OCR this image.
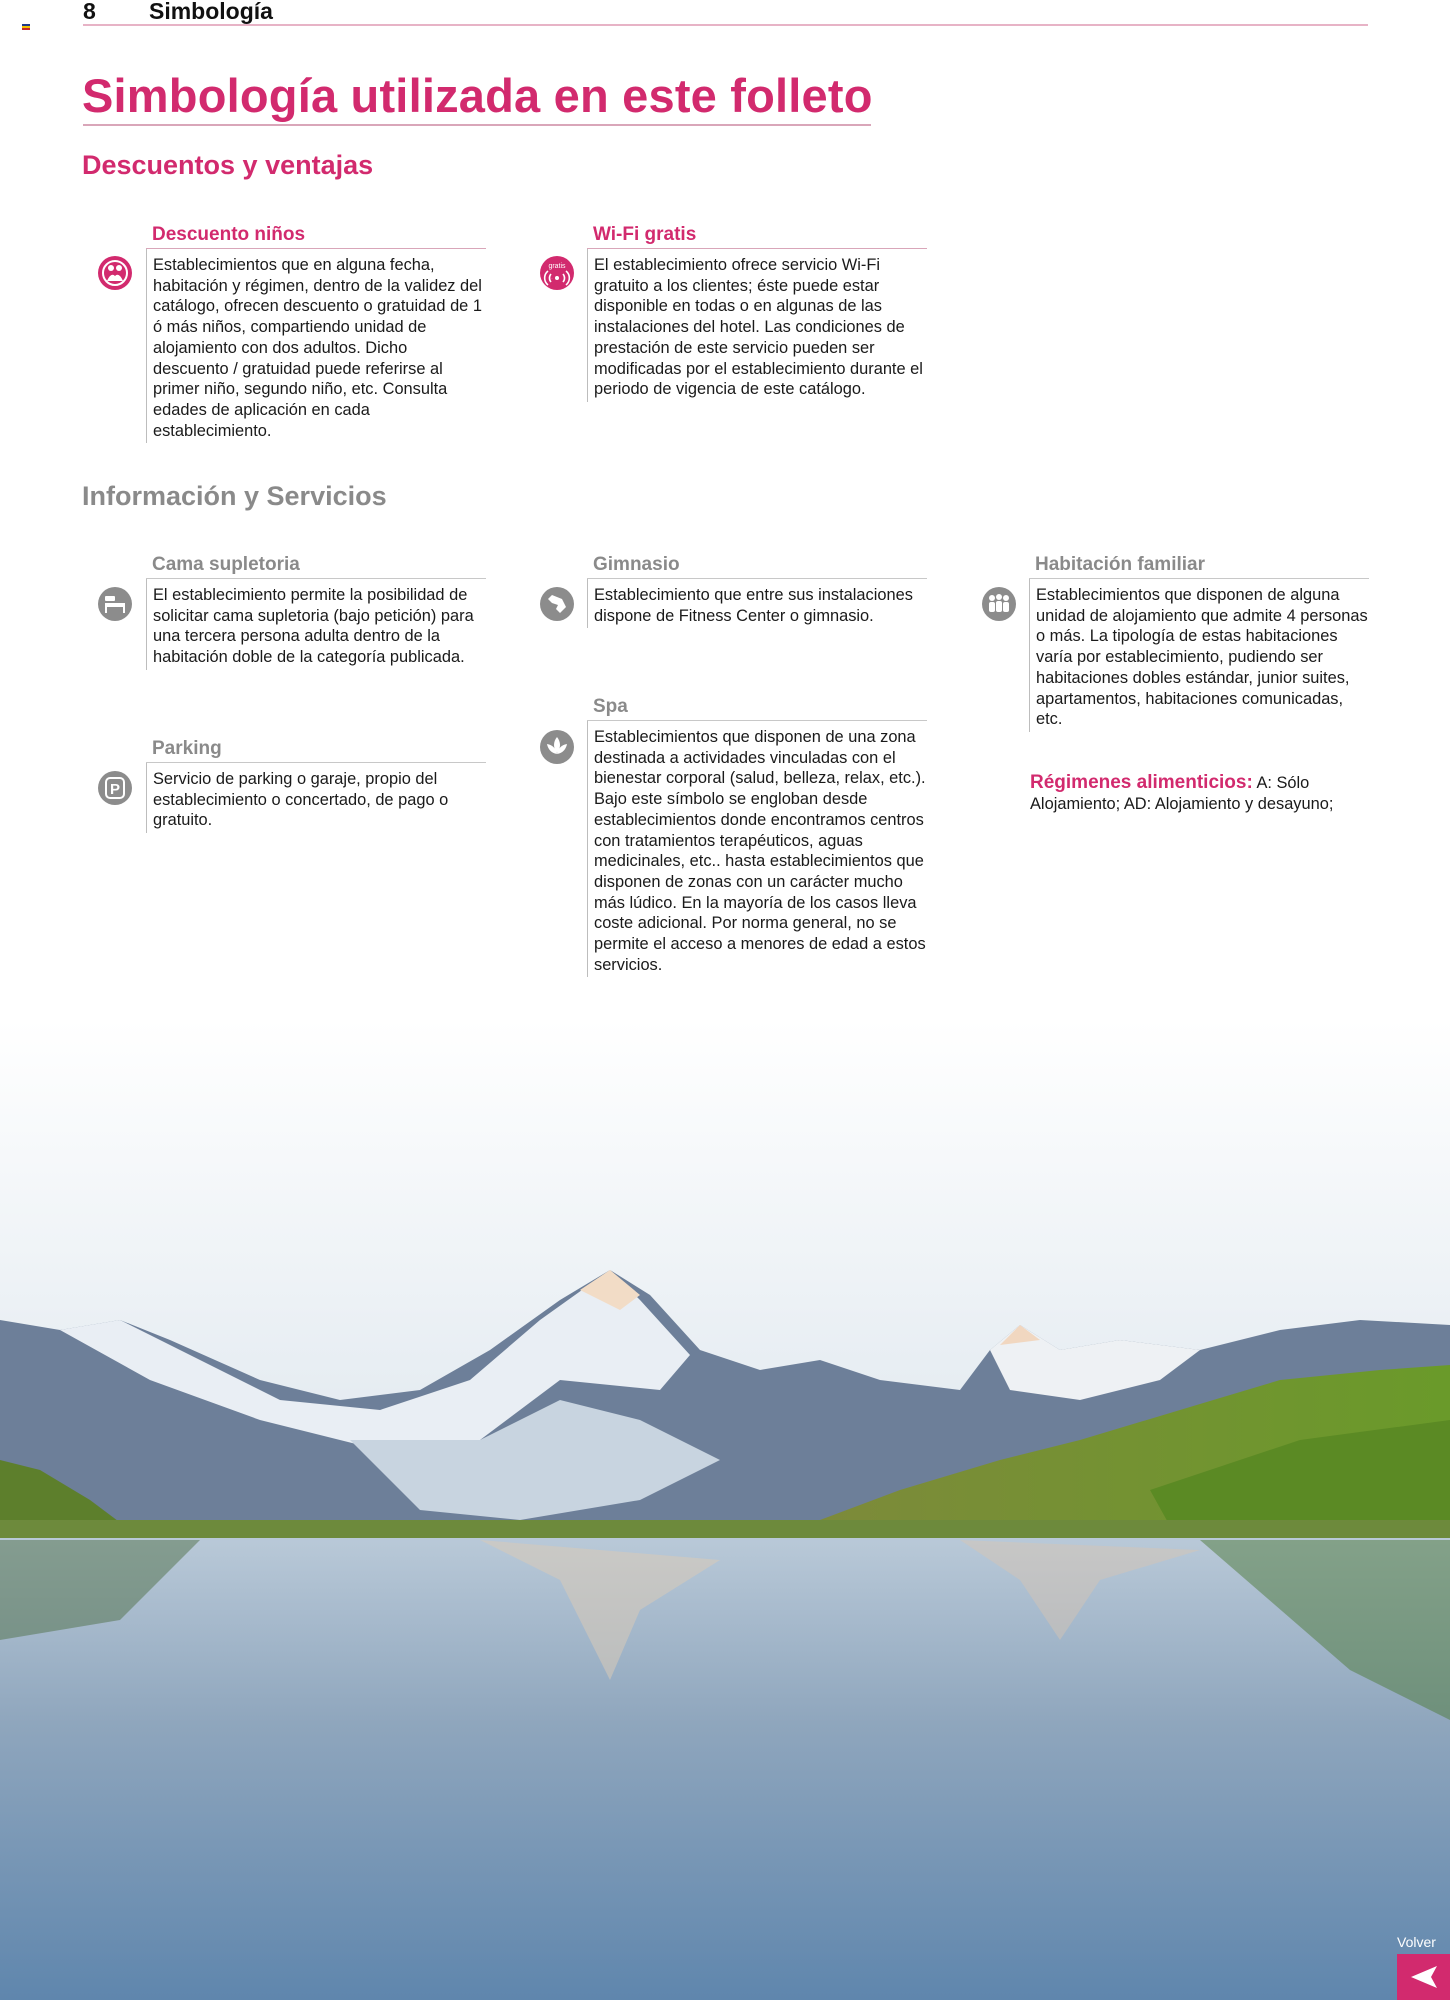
8 Simbología
Simbología utilizada en este folleto
Descuentos y ventajas
Descuento niños
Establecimientos que en alguna fecha, habitación y régimen, dentro de la validez del catálogo, ofrecen descuento o gratuidad de 1 ó más niños, compartiendo unidad de alojamiento con dos adultos. Dicho descuento / gratuidad puede referirse al primer niño, segundo niño, etc. Consulta edades de aplicación en cada establecimiento.
gratis
Wi-Fi gratis
El establecimiento ofrece servicio Wi-Fi gratuito a los clientes; éste puede estar disponible en todas o en algunas de las instalaciones del hotel. Las condiciones de prestación de este servicio pueden ser modificadas por el establecimiento durante el periodo de vigencia de este catálogo.
Información y Servicios
Cama supletoria
El establecimiento permite la posibilidad de solicitar cama supletoria (bajo petición) para una tercera persona adulta dentro de la habitación doble de la categoría publicada.
P
Parking
Servicio de parking o garaje, propio del establecimiento o concertado, de pago o gratuito.
Gimnasio
Establecimiento que entre sus instalaciones dispone de Fitness Center o gimnasio.
Spa
Establecimientos que disponen de una zona destinada a actividades vinculadas con el bienestar corporal (salud, belleza, relax, etc.). Bajo este símbolo se engloban desde establecimientos donde encontramos centros con tratamientos terapéuticos, aguas medicinales, etc.. hasta establecimientos que disponen de zonas con un carácter mucho más lúdico. En la mayoría de los casos lleva coste adicional. Por norma general, no se permite el acceso a menores de edad a estos servicios.
Habitación familiar
Establecimientos que disponen de alguna unidad de alojamiento que admite 4 personas o más. La tipología de estas habitaciones varía por establecimiento, pudiendo ser habitaciones dobles estándar, junior suites, apartamentos, habitaciones comunicadas, etc.
Régimenes alimenticios: A: Sólo Alojamiento; AD: Alojamiento y desayuno;
Volver
